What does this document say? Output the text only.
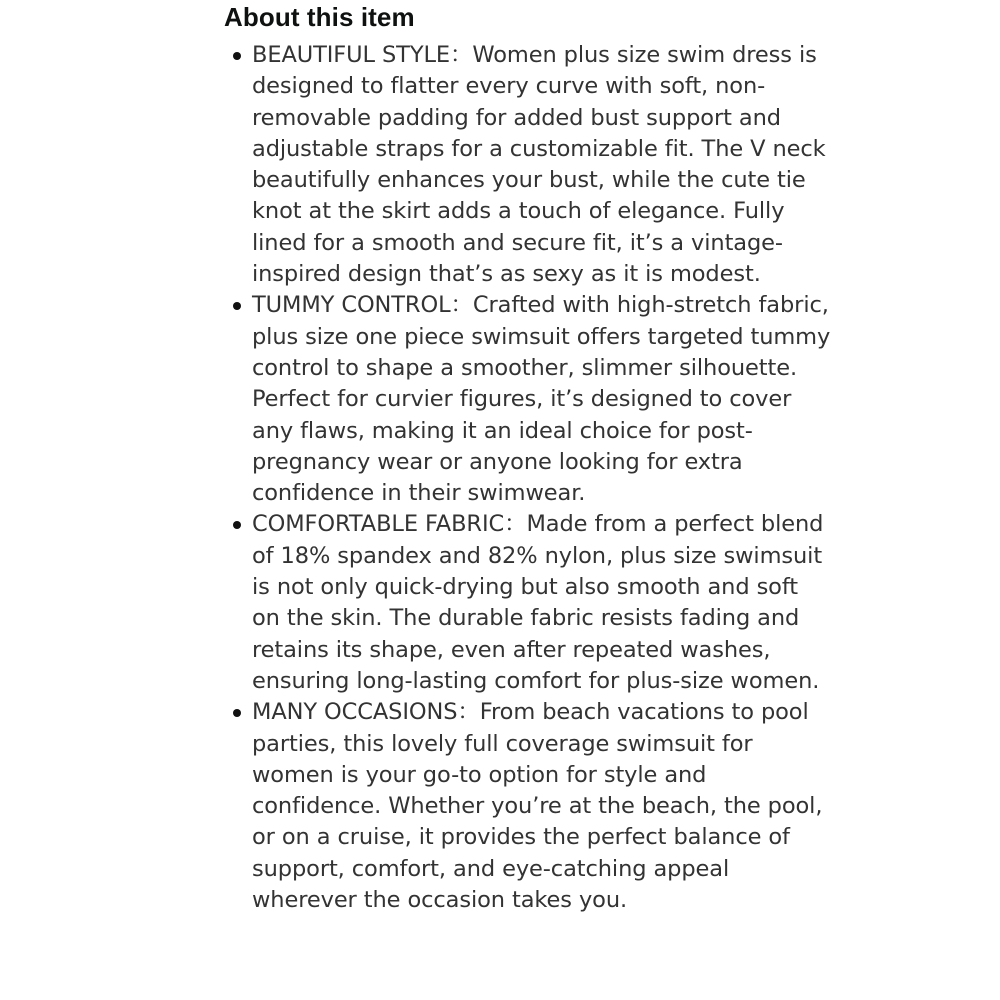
About this item
BEAUTIFUL STYLE：Women plus size swim dress is designed to flatter every curve with soft, non-removable padding for added bust support and adjustable straps for a customizable fit. The V neck beautifully enhances your bust, while the cute tie knot at the skirt adds a touch of elegance. Fully lined for a smooth and secure fit, it’s a vintage-inspired design that’s as sexy as it is modest.
TUMMY CONTROL：Crafted with high-stretch fabric, plus size one piece swimsuit offers targeted tummy control to shape a smoother, slimmer silhouette. Perfect for curvier figures, it’s designed to cover any flaws, making it an ideal choice for post-pregnancy wear or anyone looking for extra confidence in their swimwear.
COMFORTABLE FABRIC：Made from a perfect blend of 18% spandex and 82% nylon, plus size swimsuit is not only quick-drying but also smooth and soft on the skin. The durable fabric resists fading and retains its shape, even after repeated washes, ensuring long-lasting comfort for plus-size women.
MANY OCCASIONS：From beach vacations to pool parties, this lovely full coverage swimsuit for women is your go-to option for style and confidence. Whether you’re at the beach, the pool, or on a cruise, it provides the perfect balance of support, comfort, and eye-catching appeal wherever the occasion takes you.
